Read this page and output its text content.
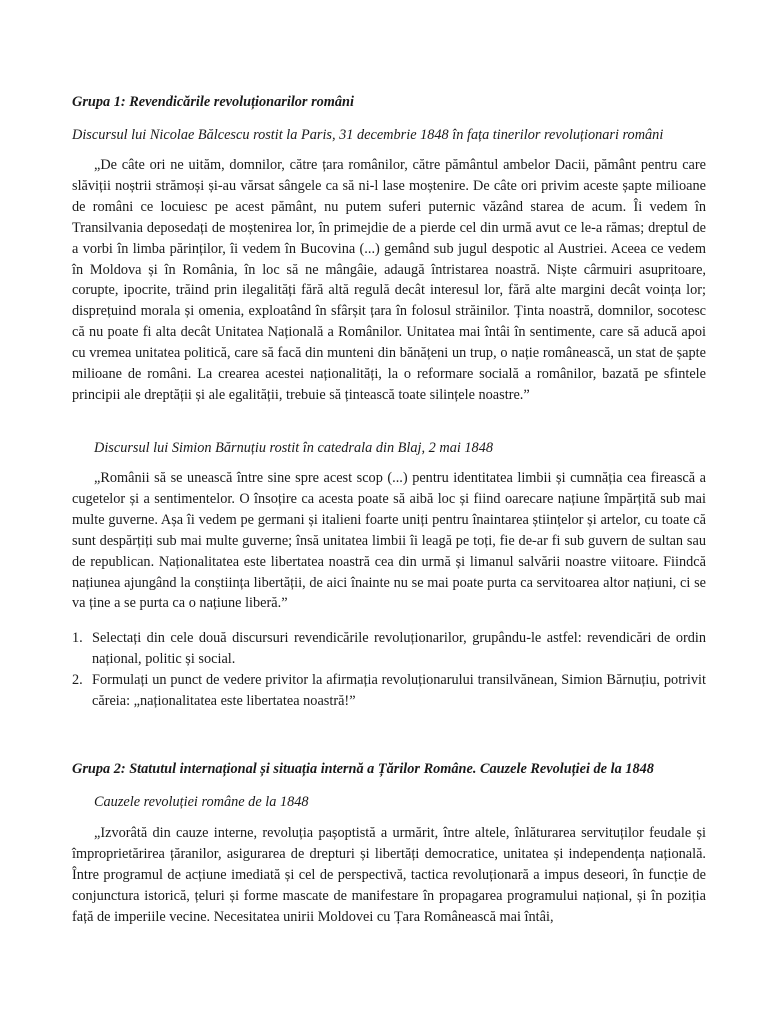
Grupa 1: Revendicările revoluționarilor români
Discursul lui Nicolae Bălcescu rostit la Paris, 31 decembrie 1848 în fața tinerilor revoluționari români

„De câte ori ne uităm, domnilor, către țara românilor, către pământul ambelor Dacii, pământ pentru care slăviții noștrii strămoși și-au vărsat sângele ca să ni-l lase moștenire. De câte ori privim aceste șapte milioane de români ce locuiesc pe acest pământ, nu putem suferi puternic văzând starea de acum. Îi vedem în Transilvania deposedați de moștenirea lor, în primejdie de a pierde cel din urmă avut ce le-a rămas; dreptul de a vorbi în limba părinților, îi vedem în Bucovina (...) gemând sub jugul despotic al Austriei. Aceea ce vedem în Moldova și în România, în loc să ne mângâie, adaugă întristarea noastră. Niște cârmuiri asupritoare, corupte, ipocrite, trăind prin ilegalități fără altă regulă decât interesul lor, fără alte margini decât voința lor; disprețuind morala și omenia, exploatând în sfârșit țara în folosul străinilor. Ținta noastră, domnilor, socotesc că nu poate fi alta decât Unitatea Națională a Românilor. Unitatea mai întâi în sentimente, care să aducă apoi cu vremea unitatea politică, care să facă din munteni din bănățeni un trup, o nație românească, un stat de șapte milioane de români. La crearea acestei naționalități, la o reformare socială a românilor, bazată pe sfintele principii ale dreptății și ale egalității, trebuie să țintească toate silințele noastre.”

Discursul lui Simion Bărnuțiu rostit în catedrala din Blaj, 2 mai 1848

„Românii să se unească între sine spre acest scop (...) pentru identitatea limbii și cumnăția cea firească a cugetelor și a sentimentelor. O însoțire ca acesta poate să aibă loc și fiind oarecare națiune împărțită sub mai multe guverne. Așa îi vedem pe germani și italieni foarte uniți pentru înaintarea științelor și artelor, cu toate că sunt despărțiți sub mai multe guverne; însă unitatea limbii îi leagă pe toți, fie de-ar fi sub guvern de sultan sau de republican. Naționalitatea este libertatea noastră cea din urmă și limanul salvării noastre viitoare. Fiindcă națiunea ajungând la conștiința libertății, de aici înainte nu se mai poate purta ca servitoarea altor națiuni, ci se va ține a se purta ca o națiune liberă.”

1. Selectați din cele două discursuri revendicările revoluționarilor, grupându-le astfel: revendicări de ordin național, politic și social.
2. Formulați un punct de vedere privitor la afirmația revoluționarului transilvănean, Simion Bărnuțiu, potrivit căreia: „naționalitatea este libertatea noastră!”
Grupa 2: Statutul internațional și situația internă a Țărilor Române. Cauzele Revoluției de la 1848
Cauzele revoluției române de la 1848

„Izvorâtă din cauze interne, revoluția pașoptistă a urmărit, între altele, înlăturarea servituților feudale și împroprietărirea țăranilor, asigurarea de drepturi și libertăți democratice, unitatea și independența națională. Între programul de acțiune imediată și cel de perspectivă, tactica revoluționară a impus deseori, în funcție de conjunctura istorică, țeluri și forme mascate de manifestare în propagarea programului național, și în poziția față de imperiile vecine. Necesitatea unirii Moldovei cu Țara Românească mai întâi,
